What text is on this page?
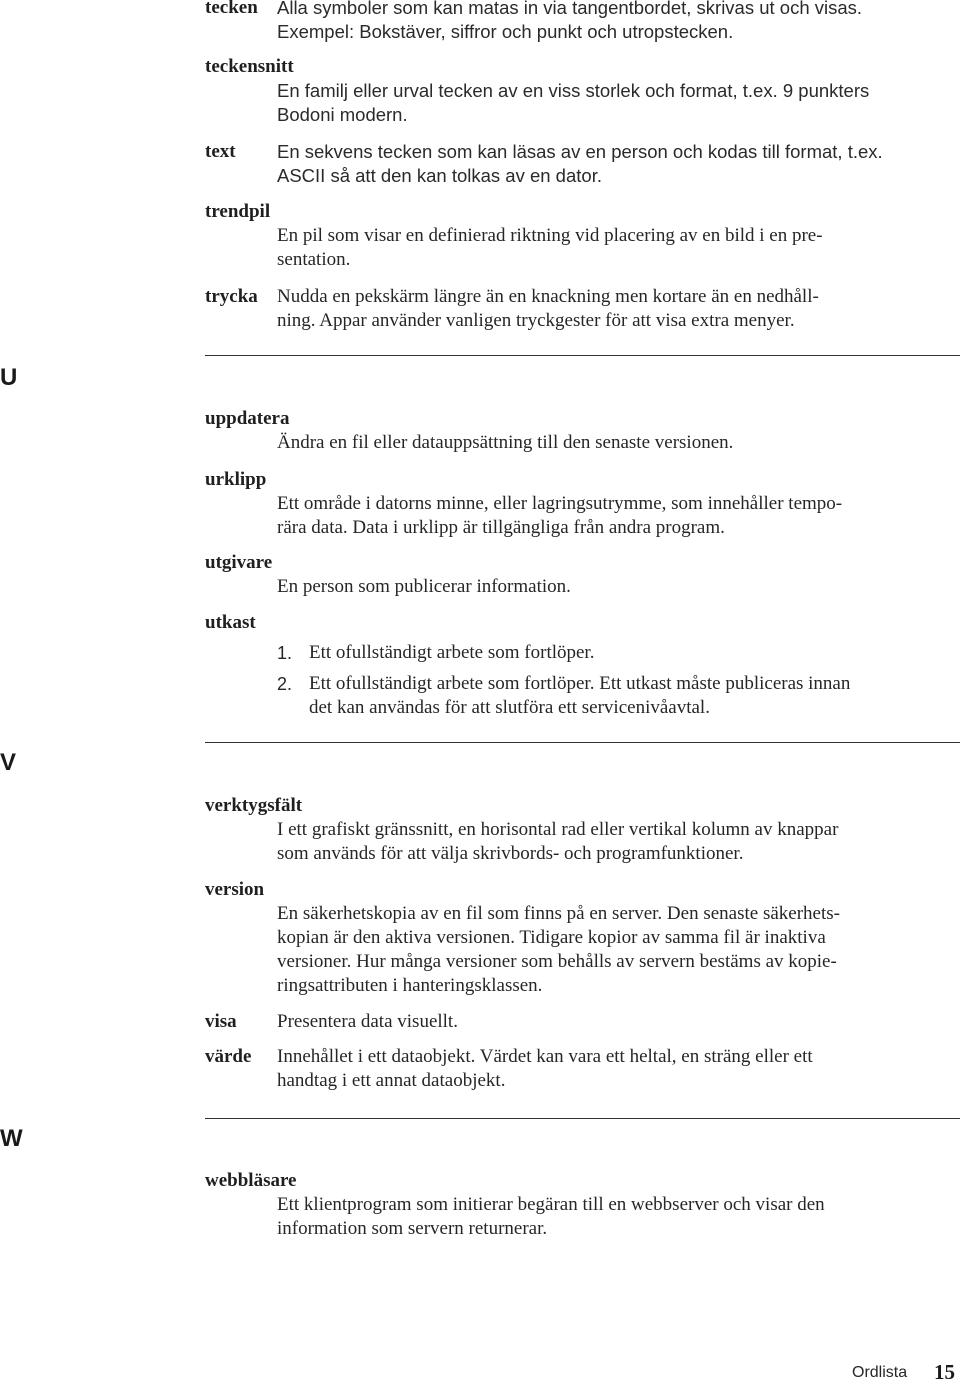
tecken Alla symboler som kan matas in via tangentbordet, skrivas ut och visas.
Exempel: Bokstäver, siffror och punkt och utropstecken.
teckensnitt
En familj eller urval tecken av en viss storlek och format, t.ex. 9 punkters
Bodoni modern.
text En sekvens tecken som kan läsas av en person och kodas till format, t.ex.
ASCII så att den kan tolkas av en dator.
trendpil
En pil som visar en definierad riktning vid placering av en bild i en pre-
sentation.
trycka Nudda en pekskärm längre än en knackning men kortare än en nedhåll-
ning. Appar använder vanligen tryckgester för att visa extra menyer.
U
uppdatera
Ändra en fil eller datauppsättning till den senaste versionen.
urklipp
Ett område i datorns minne, eller lagringsutrymme, som innehåller tempo-
rära data. Data i urklipp är tillgängliga från andra program.
utgivare
En person som publicerar information.
utkast
1. Ett ofullständigt arbete som fortlöper.
2. Ett ofullständigt arbete som fortlöper. Ett utkast måste publiceras innan
det kan användas för att slutföra ett servicenivåavtal.
V
verktygsfält
I ett grafiskt gränssnitt, en horisontal rad eller vertikal kolumn av knappar
som används för att välja skrivbords- och programfunktioner.
version
En säkerhetskopia av en fil som finns på en server. Den senaste säkerhets-
kopian är den aktiva versionen. Tidigare kopior av samma fil är inaktiva
versioner. Hur många versioner som behålls av servern bestäms av kopie-
ringsattributen i hanteringsklassen.
visa Presentera data visuellt.
värde Innehållet i ett dataobjekt. Värdet kan vara ett heltal, en sträng eller ett
handtag i ett annat dataobjekt.
W
webbläsare
Ett klientprogram som initierar begäran till en webbserver och visar den
information som servern returnerar.
Ordlista 15
